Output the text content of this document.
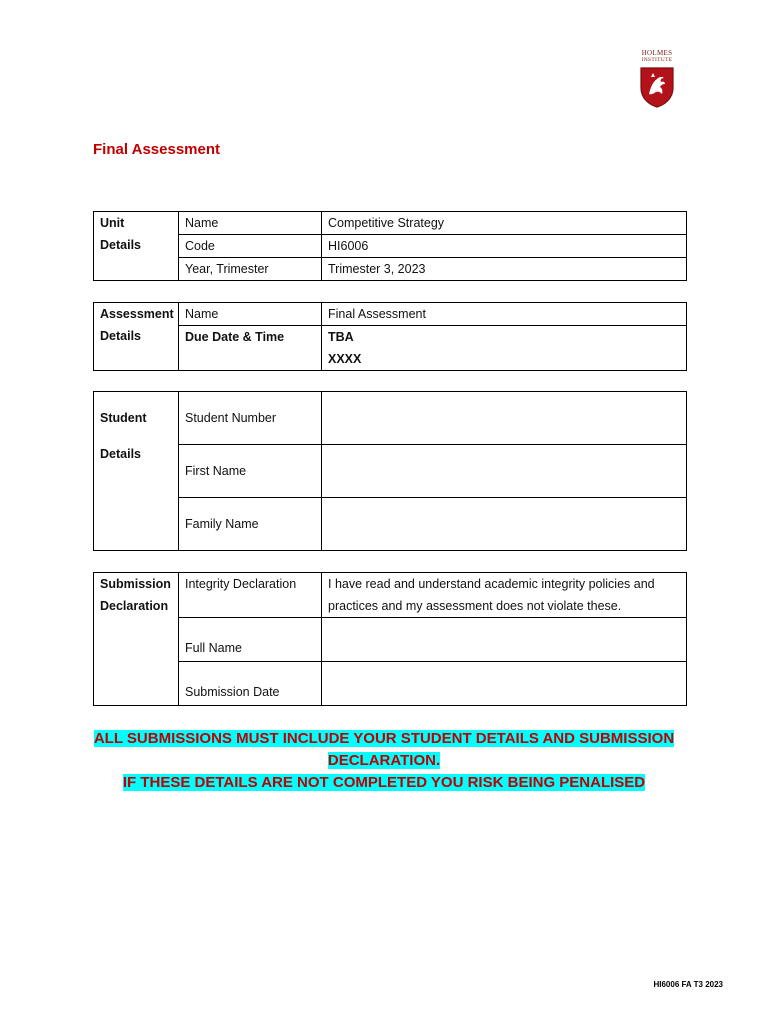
HOLMES
INSTITUTE
Final Assessment
Unit
Details	Name	Competitive Strategy
	Code	HI6006
	Year, Trimester	Trimester 3, 2023
Assessment
Details	Name	Final Assessment
	Due Date & Time	TBA
XXXX
Student
Details	Student Number	
	First Name	
	Family Name	
Submission
Declaration	Integrity Declaration	I have read and understand academic integrity policies and practices and my assessment does not violate these.
	Full Name	
	Submission Date	
ALL SUBMISSIONS MUST INCLUDE YOUR STUDENT DETAILS AND SUBMISSION
DECLARATION.
IF THESE DETAILS ARE NOT COMPLETED YOU RISK BEING PENALISED
HI6006 FA T3 2023
